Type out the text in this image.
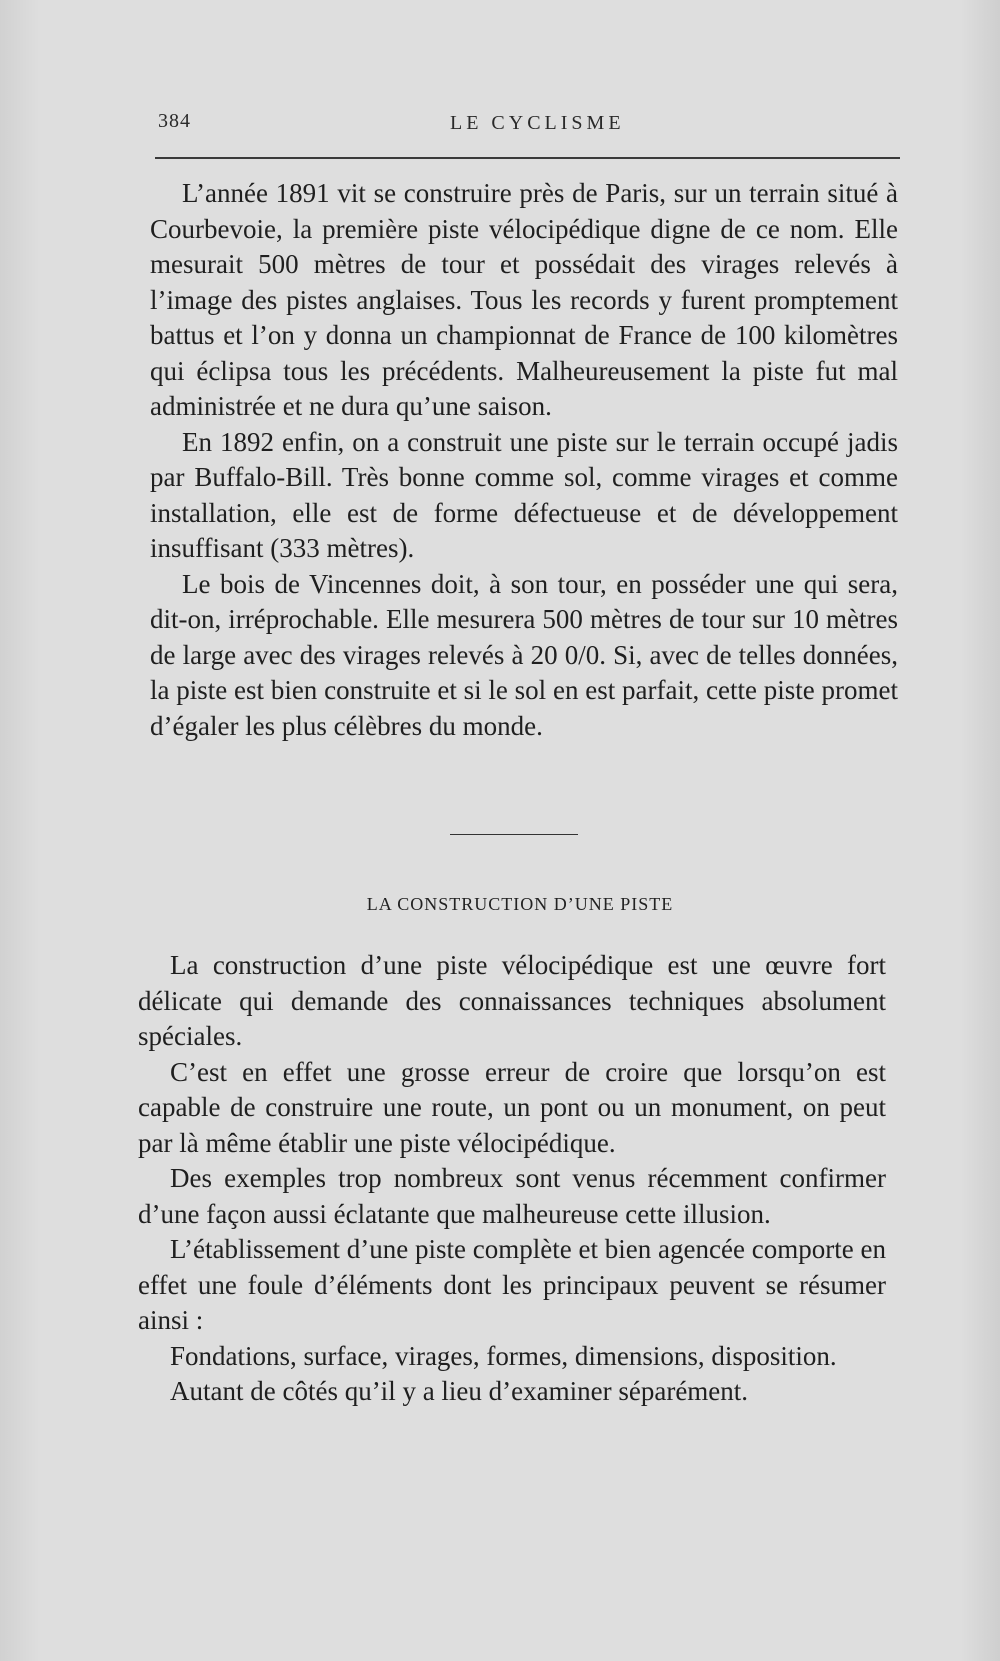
384	LE CYCLISME

L’année 1891 vit se construire près de Paris, sur un terrain situé à Courbevoie, la première piste vélocipédique digne de ce nom. Elle mesurait 500 mètres de tour et possédait des virages relevés à l’image des pistes anglaises. Tous les records y furent promptement battus et l’on y donna un championnat de France de 100 kilomètres qui éclipsa tous les précédents. Malheureusement la piste fut mal administrée et ne dura qu’une saison.

En 1892 enfin, on a construit une piste sur le terrain occupé jadis par Buffalo-Bill. Très bonne comme sol, comme virages et comme installation, elle est de forme défectueuse et de développement insuffisant (333 mètres).

Le bois de Vincennes doit, à son tour, en posséder une qui sera, dit-on, irréprochable. Elle mesurera 500 mètres de tour sur 10 mètres de large avec des virages relevés à 20 0/0. Si, avec de telles données, la piste est bien construite et si le sol en est parfait, cette piste promet d’égaler les plus célèbres du monde.

LA CONSTRUCTION D’UNE PISTE

La construction d’une piste vélocipédique est une œuvre fort délicate qui demande des connaissances techniques absolument spéciales.

C’est en effet une grosse erreur de croire que lorsqu’on est capable de construire une route, un pont ou un monument, on peut par là même établir une piste vélocipédique.

Des exemples trop nombreux sont venus récemment confirmer d’une façon aussi éclatante que malheureuse cette illusion.

L’établissement d’une piste complète et bien agencée comporte en effet une foule d’éléments dont les principaux peuvent se résumer ainsi :

Fondations, surface, virages, formes, dimensions, disposition.

Autant de côtés qu’il y a lieu d’examiner séparément.
